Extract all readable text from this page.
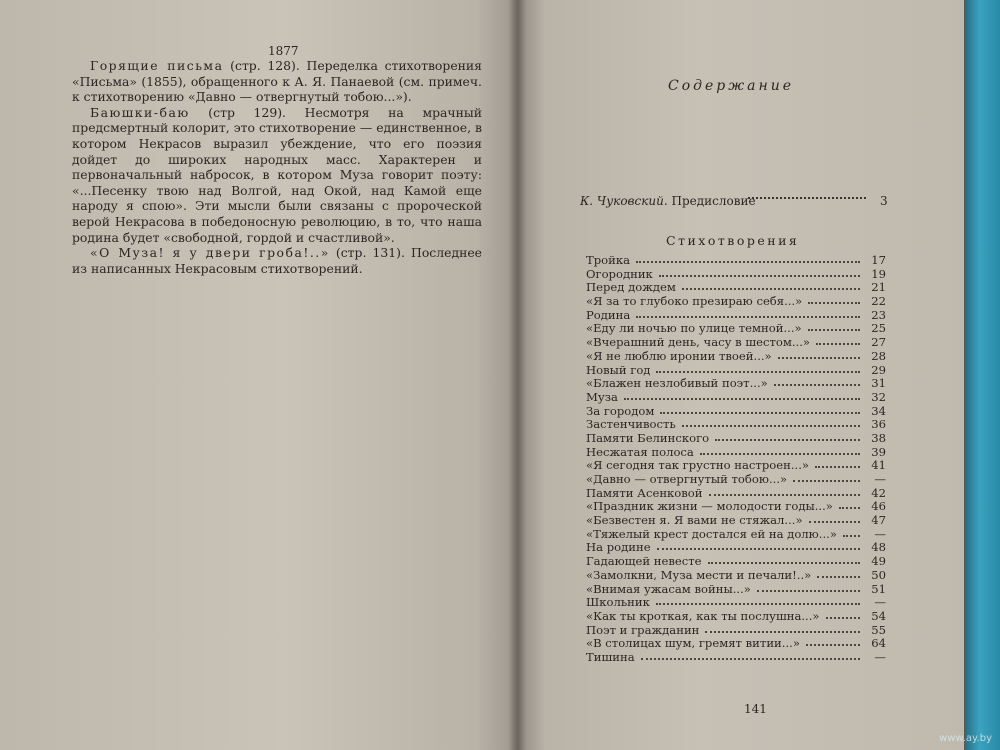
1877

Горящие письма (стр. 128). Переделка стихотворения «Письма» (1855), обращенного к А. Я. Панаевой (см. примеч. к стихотворению «Давно — отвергнутый тобою...»).

Баюшки-баю (стр 129). Несмотря на мрачный предсмертный колорит, это стихотворение — единственное, в котором Некрасов выразил убеждение, что его поэзия дойдет до широких народных масс. Характерен и первоначальный набросок, в котором Муза говорит поэту: «...Песенку твою над Волгой, над Окой, над Камой еще народу я спою». Эти мысли были связаны с пророческой верой Некрасова в победоносную революцию, в то, что наша родина будет «свободной, гордой и счастливой».

«О Муза! я у двери гроба!..» (стр. 131). Последнее из написанных Некрасовым стихотворений.

Содержание
К. Чуковский. Предисловие	3
Стихотворения
Тройка	17
Огородник	19
Перед дождем	21
«Я за то глубоко презираю себя...»	22
Родина	23
«Еду ли ночью по улице темной...»	25
«Вчерашний день, часу в шестом...»	27
«Я не люблю иронии твоей...»	28
Новый год	29
«Блажен незлобивый поэт...»	31
Муза	32
За городом	34
Застенчивость	36
Памяти Белинского	38
Несжатая полоса	39
«Я сегодня так грустно настроен...»	41
«Давно — отвергнутый тобою...»	—
Памяти Асенковой	42
«Праздник жизни — молодости годы...»	46
«Безвестен я. Я вами не стяжал...»	47
«Тяжелый крест достался ей на долю...»	—
На родине	48
Гадающей невесте	49
«Замолкни, Муза мести и печали!..»	50
«Внимая ужасам войны...»	51
Школьник	—
«Как ты кроткая, как ты послушна...»	54
Поэт и гражданин	55
«В столицах шум, гремят витии...»	64
Тишина	—
141
www.ay.by
